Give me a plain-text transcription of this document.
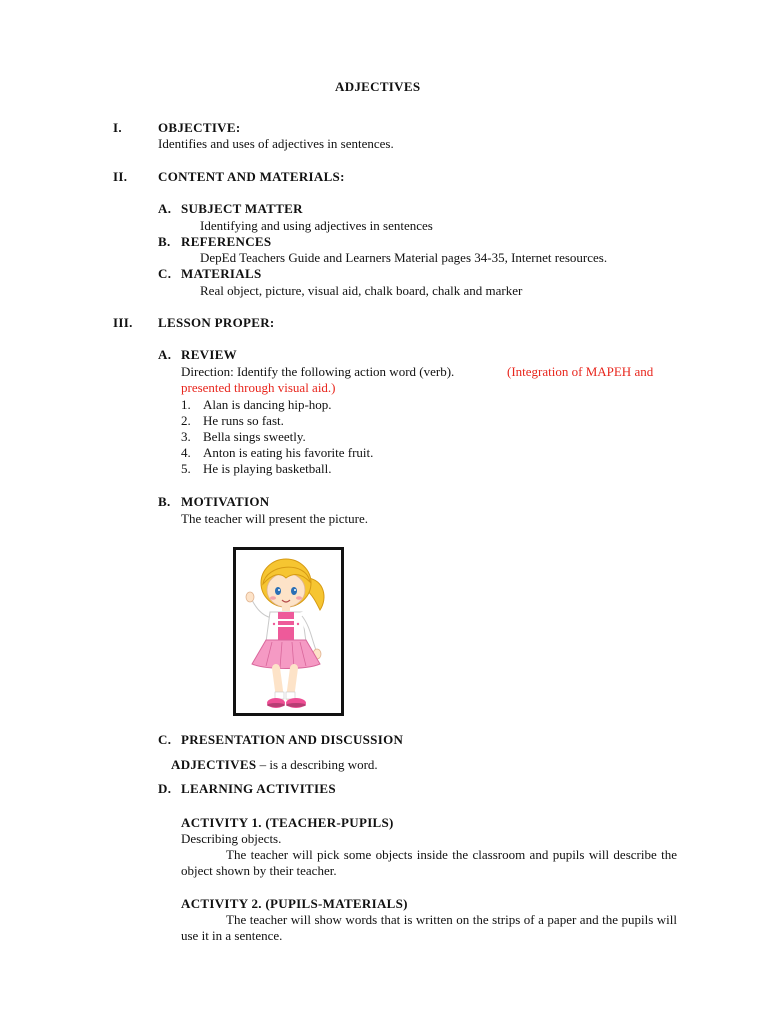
ADJECTIVES
I.	OBJECTIVE:
Identifies and uses of adjectives in sentences.
II. CONTENT AND MATERIALS:
A. SUBJECT MATTER
Identifying and using adjectives in sentences
B. REFERENCES
DepEd Teachers Guide and Learners Material pages 34-35, Internet resources.
C. MATERIALS
Real object, picture, visual aid, chalk board, chalk and marker
III. LESSON PROPER:
A. REVIEW
Direction: Identify the following action word (verb).	(Integration of MAPEH and
presented through visual aid.)
1. Alan is dancing hip-hop.
2. He runs so fast.
3. Bella sings sweetly.
4. Anton is eating his favorite fruit.
5. He is playing basketball.
B. MOTIVATION
The teacher will present the picture.
C. PRESENTATION AND DISCUSSION
ADJECTIVES – is a describing word.
D. LEARNING ACTIVITIES
ACTIVITY 1. (TEACHER-PUPILS)
Describing objects.
The teacher will pick some objects inside the classroom and pupils will describe the object shown by their teacher.
ACTIVITY 2. (PUPILS-MATERIALS)
The teacher will show words that is written on the strips of a paper and the pupils will use it in a sentence.
